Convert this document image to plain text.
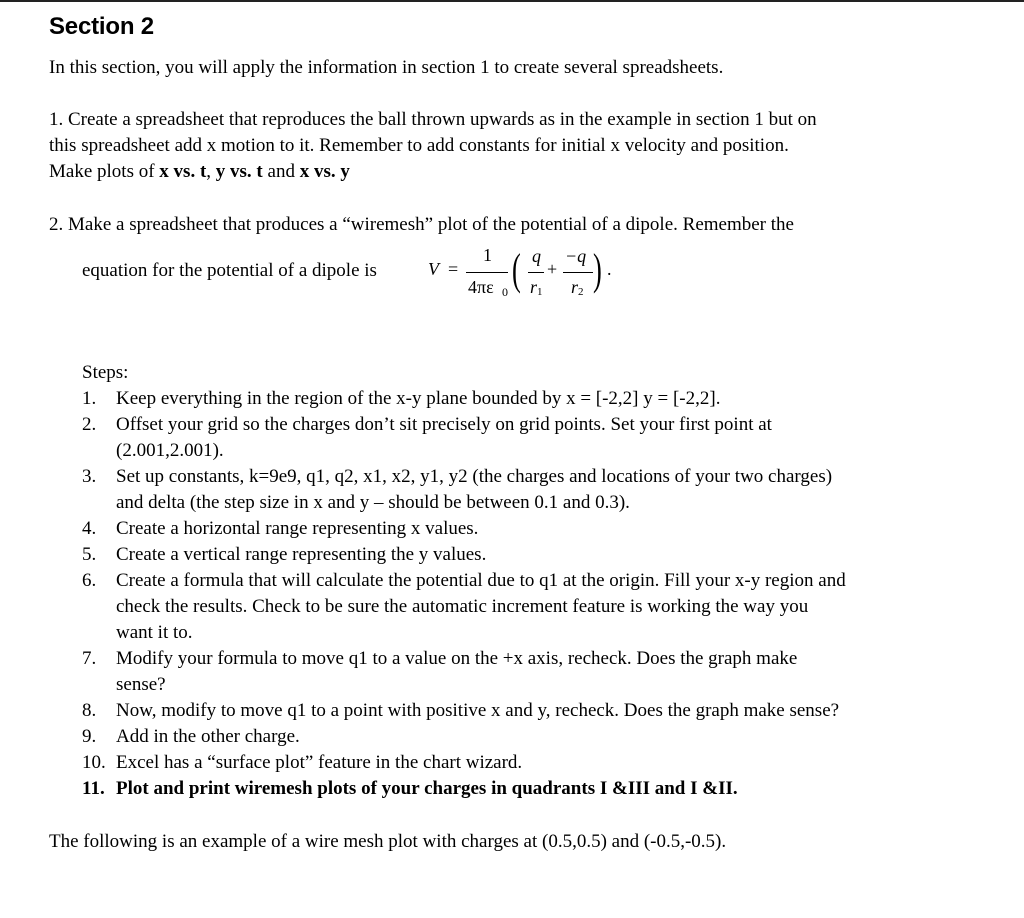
Section 2
In this section, you will apply the information in section 1 to create several spreadsheets.
1. Create a spreadsheet that reproduces the ball thrown upwards as in the example in section 1 but on
this spreadsheet add x motion to it. Remember to add constants for initial x velocity and position.
Make plots of x vs. t, y vs. t and x vs. y
2. Make a spreadsheet that produces a “wiremesh” plot of the potential of a dipole. Remember the
equation for the potential of a dipole is	V =
1
4πε 0 ( q
r 1
+
−q
r 2 ) .
Steps:
1. Keep everything in the region of the x-y plane bounded by x = [-2,2] y = [-2,2].
2. Offset your grid so the charges don’t sit precisely on grid points. Set your first point at
(2.001,2.001).
3. Set up constants, k=9e9, q1, q2, x1, x2, y1, y2 (the charges and locations of your two charges)
and delta (the step size in x and y – should be between 0.1 and 0.3).
4. Create a horizontal range representing x values.
5. Create a vertical range representing the y values.
6. Create a formula that will calculate the potential due to q1 at the origin. Fill your x-y region and
check the results. Check to be sure the automatic increment feature is working the way you
want it to.
7. Modify your formula to move q1 to a value on the +x axis, recheck. Does the graph make
sense?
8. Now, modify to move q1 to a point with positive x and y, recheck. Does the graph make sense?
9. Add in the other charge.
10. Excel has a “surface plot” feature in the chart wizard.
11. Plot and print wiremesh plots of your charges in quadrants I &III and I &II.
The following is an example of a wire mesh plot with charges at (0.5,0.5) and (-0.5,-0.5).
